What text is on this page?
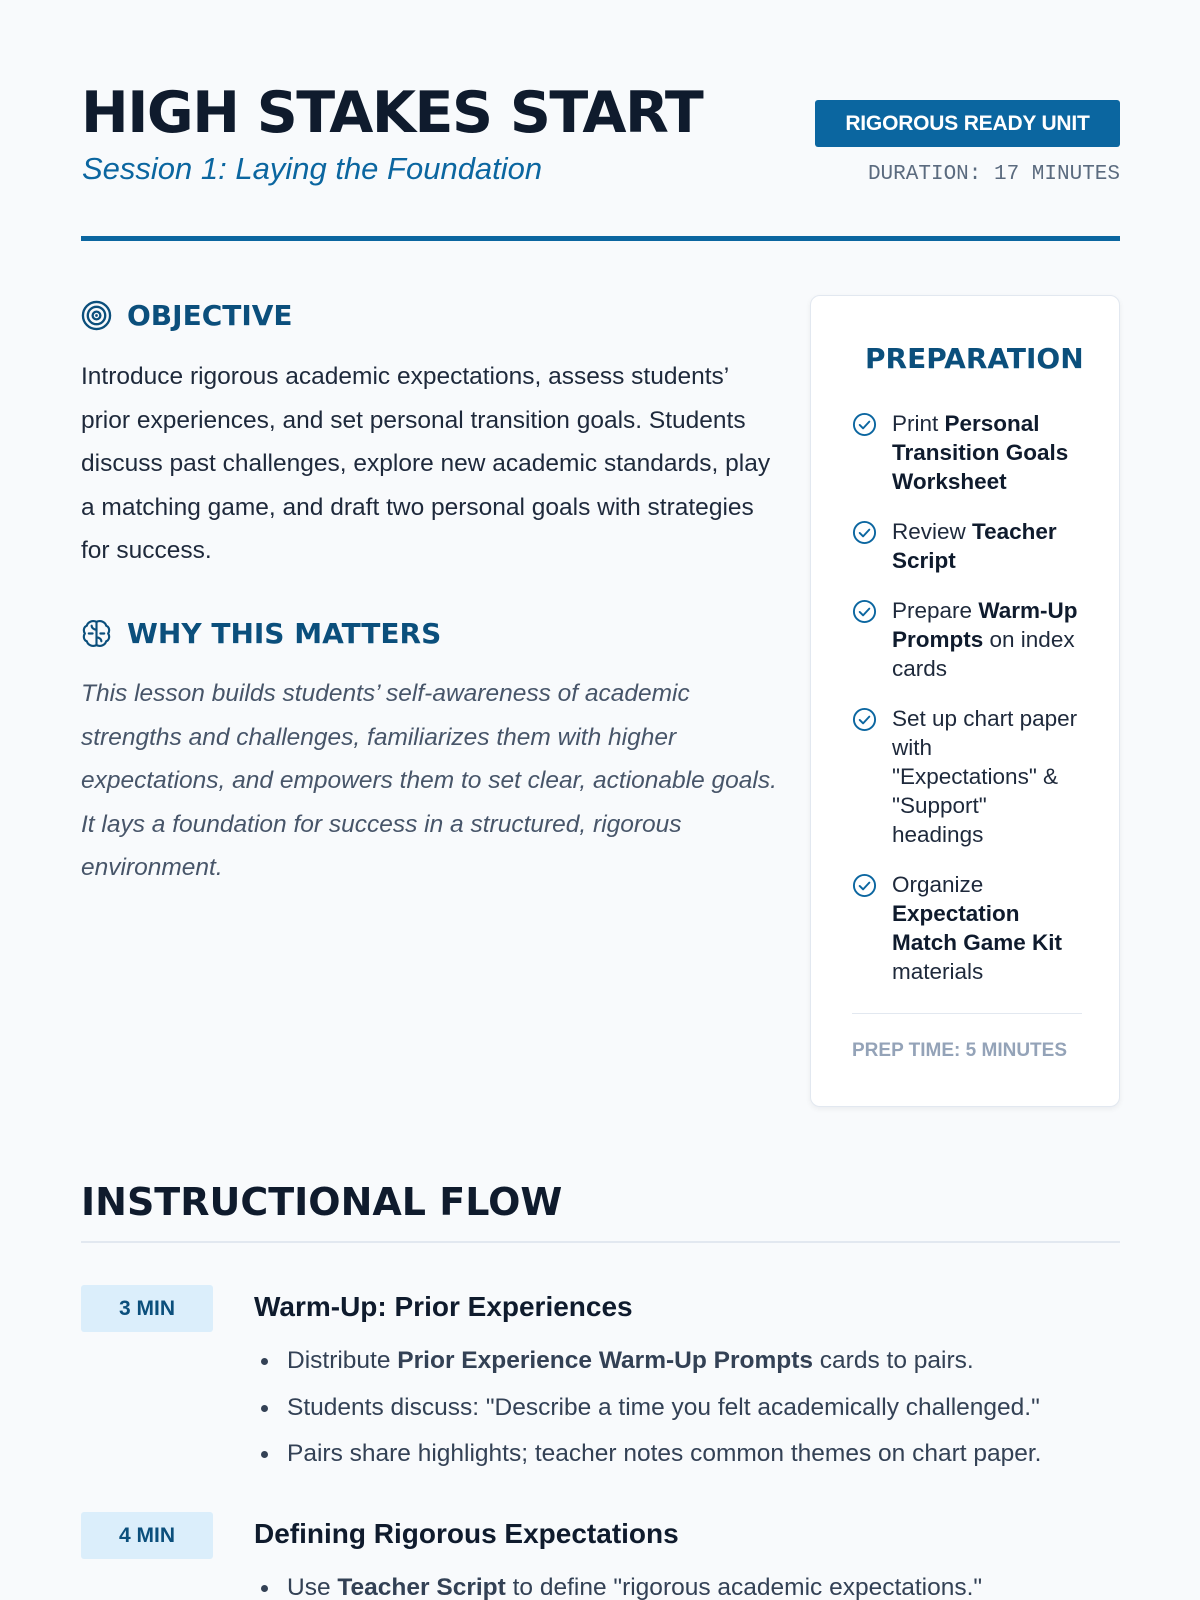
HIGH STAKES START
Session 1: Laying the Foundation
RIGOROUS READY UNIT
DURATION: 17 MINUTES
OBJECTIVE

Introduce rigorous academic expectations, assess students’ prior experiences, and set personal transition goals. Students discuss past challenges, explore new academic standards, play a matching game, and draft two personal goals with strategies for success.

WHY THIS MATTERS

This lesson builds students’ self-awareness of academic strengths and challenges, familiarizes them with higher expectations, and empowers them to set clear, actionable goals. It lays a foundation for success in a structured, rigorous environment.

PREPARATION
Print Personal Transition Goals Worksheet
Review Teacher Script
Prepare Warm-Up Prompts on index cards
Set up chart paper with "Expectations" & "Support" headings
Organize Expectation Match Game Kit materials
PREP TIME: 5 MINUTES
INSTRUCTIONAL FLOW
3 MIN	Warm-Up: Prior Experiences
Distribute Prior Experience Warm-Up Prompts cards to pairs.
Students discuss: "Describe a time you felt academically challenged."
Pairs share highlights; teacher notes common themes on chart paper.
4 MIN	Defining Rigorous Expectations
Use Teacher Script to define "rigorous academic expectations."
